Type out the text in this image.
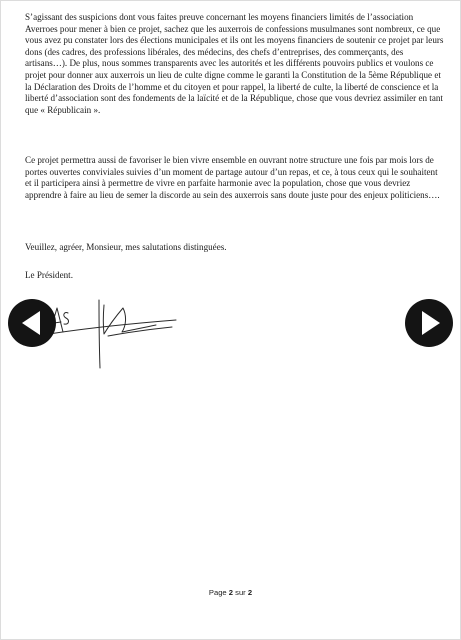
S’agissant des suspicions dont vous faites preuve concernant les moyens financiers limités de l’association Averroes pour mener à bien ce projet, sachez que les auxerrois de confessions musulmanes sont nombreux, ce que vous avez pu constater lors des élections municipales et ils ont les moyens financiers de soutenir ce projet par leurs dons (des cadres, des professions libérales, des médecins, des chefs d’entreprises, des commerçants, des artisans…). De plus, nous sommes transparents avec les autorités et les différents pouvoirs publics et voulons ce projet pour donner aux auxerrois un lieu de culte digne comme le garanti la Constitution de la 5ème République et la Déclaration des Droits de l’homme et du citoyen et pour rappel, la liberté de culte, la liberté de conscience et la liberté d’association sont des fondements de la laïcité et de la République, chose que vous devriez assimiler en tant que « Républicain ».

Ce projet permettra aussi de favoriser le bien vivre ensemble en ouvrant notre structure une fois par mois lors de portes ouvertes conviviales suivies d’un moment de partage autour d’un repas, et ce, à tous ceux qui le souhaitent et il participera ainsi à permettre de vivre en parfaite harmonie avec la population, chose que vous devriez apprendre à faire au lieu de semer la discorde au sein des auxerrois sans doute juste pour des enjeux politiciens….

Veuillez, agréer, Monsieur, mes salutations distinguées.

Le Président.

Page 2 sur 2
